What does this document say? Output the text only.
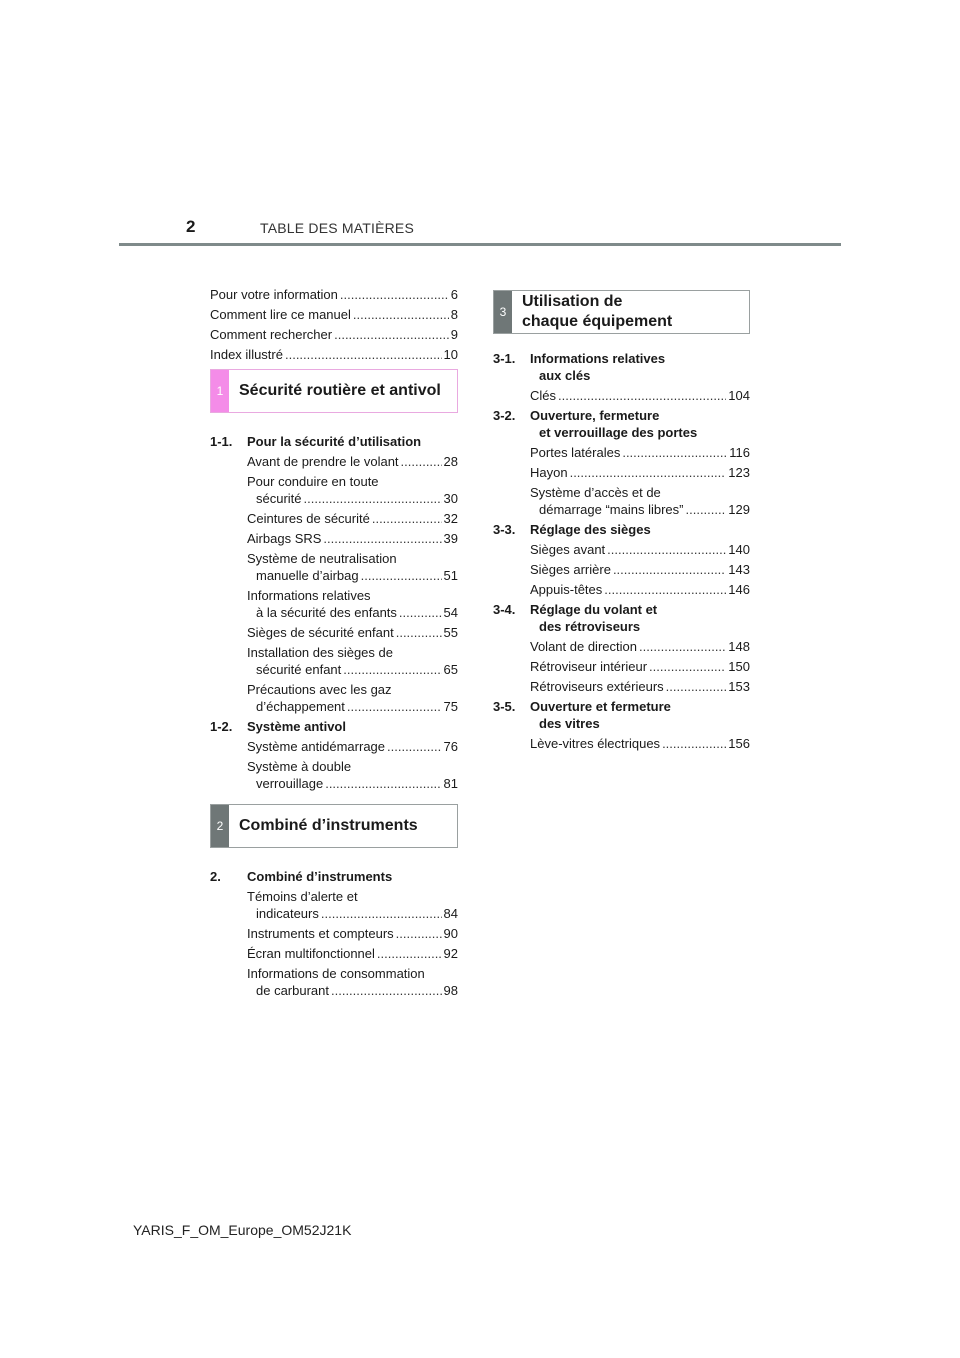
2	TABLE DES MATIÈRES
Pour votre information .....	6
Comment lire ce manuel .....	8
Comment rechercher .....	9
Index illustré .....	10
1 Sécurité routière et antivol
1-1.	Pour la sécurité d’utilisation
Avant de prendre le volant .....	28
Pour conduire en toute
sécurité .....	30
Ceintures de sécurité .....	32
Airbags SRS .....	39
Système de neutralisation
manuelle d’airbag .....	51
Informations relatives
à la sécurité des enfants .....	54
Sièges de sécurité enfant .....	55
Installation des sièges de
sécurité enfant .....	65
Précautions avec les gaz
d’échappement .....	75
1-2.	Système antivol
Système antidémarrage .....	76
Système à double
verrouillage .....	81
2 Combiné d’instruments
2.	Combiné d’instruments
Témoins d’alerte et
indicateurs .....	84
Instruments et compteurs .....	90
Écran multifonctionnel .....	92
Informations de consommation
de carburant .....	98
3
Utilisation de
chaque équipement
3-1.	Informations relatives
aux clés
Clés .....	104
3-2.	Ouverture, fermeture
et verrouillage des portes
Portes latérales .....	116
Hayon .....	123
Système d’accès et de
démarrage “mains libres” .....	129
3-3.	Réglage des sièges
Sièges avant .....	140
Sièges arrière .....	143
Appuis-têtes .....	146
3-4.	Réglage du volant et
des rétroviseurs
Volant de direction .....	148
Rétroviseur intérieur .....	150
Rétroviseurs extérieurs .....	153
3-5.	Ouverture et fermeture
des vitres
Lève-vitres électriques .....	156
YARIS_F_OM_Europe_OM52J21K
